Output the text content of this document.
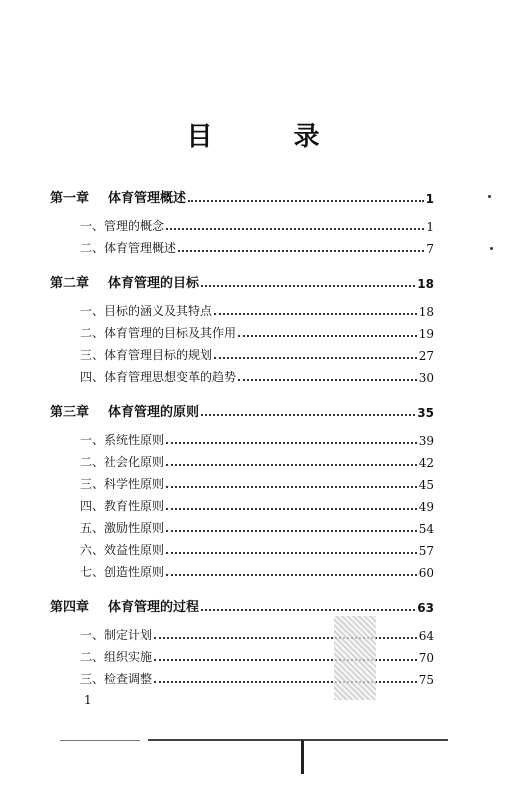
目 录
第一章 体育管理概述	1
一、管理的概念	1
二、体育管理概述	7
第二章 体育管理的目标	18
一、目标的涵义及其特点	18
二、体育管理的目标及其作用	19
三、体育管理目标的规划	27
四、体育管理思想变革的趋势	30
第三章 体育管理的原则	35
一、系统性原则	39
二、社会化原则	42
三、科学性原则	45
四、教育性原则	49
五、激励性原则	54
六、效益性原则	57
七、创造性原则	60
第四章 体育管理的过程	63
一、制定计划	64
二、组织实施	70
三、检查调整	75
1
